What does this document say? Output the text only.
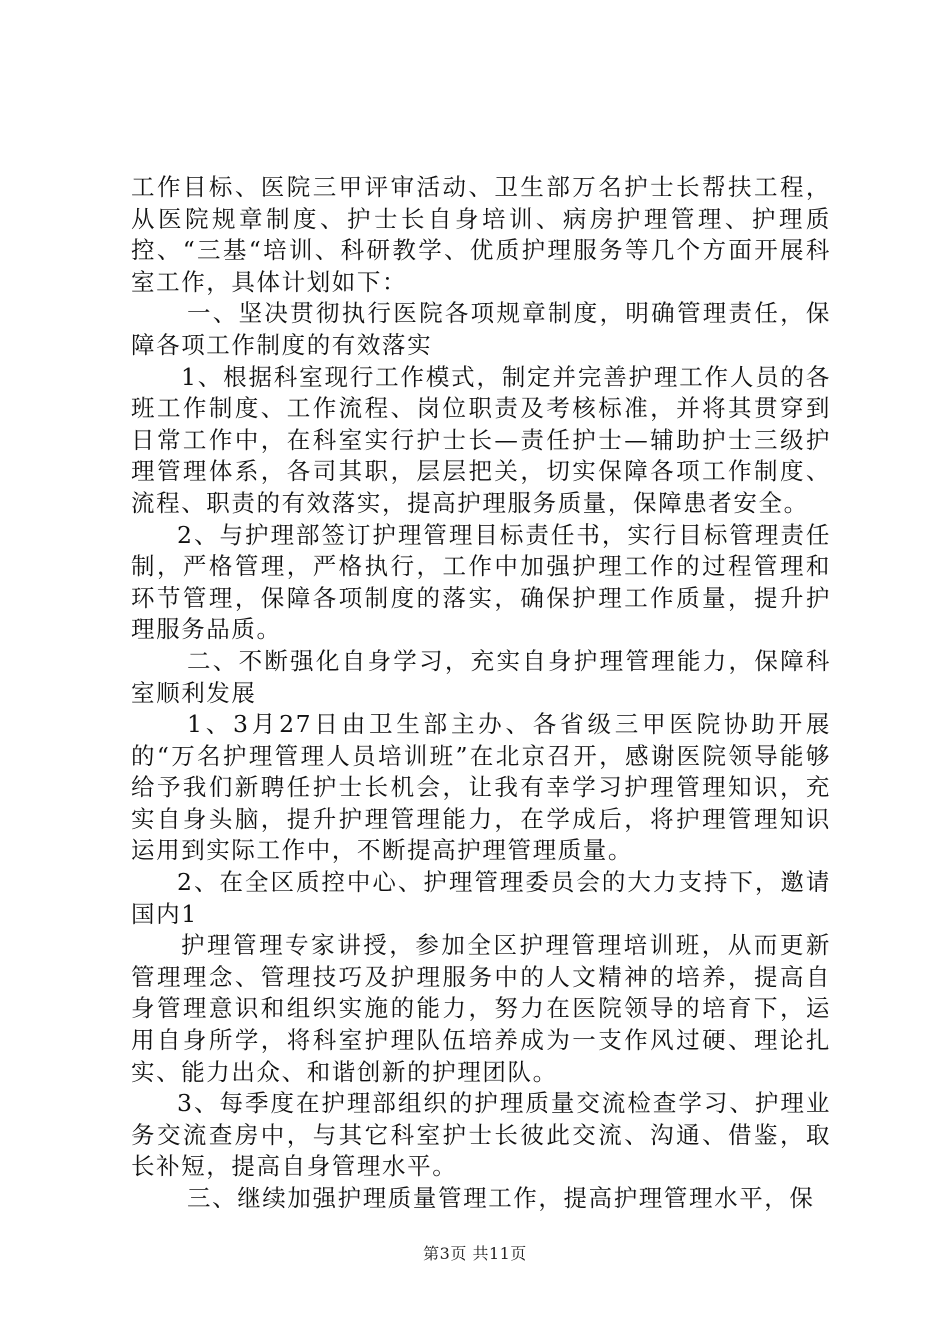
工作目标、医院三甲评审活动、卫生部万名护士长帮扶工程，从医院规章制度、护士长自身培训、病房护理管理、护理质控、“三基“培训、科研教学、优质护理服务等几个方面开展科室工作，具体计划如下：

一、坚决贯彻执行医院各项规章制度，明确管理责任，保障各项工作制度的有效落实

1、根据科室现行工作模式，制定并完善护理工作人员的各班工作制度、工作流程、岗位职责及考核标准，并将其贯穿到日常工作中，在科室实行护士长—责任护士—辅助护士三级护理管理体系，各司其职，层层把关，切实保障各项工作制度、流程、职责的有效落实，提高护理服务质量，保障患者安全。

2、与护理部签订护理管理目标责任书，实行目标管理责任制，严格管理，严格执行，工作中加强护理工作的过程管理和环节管理，保障各项制度的落实，确保护理工作质量，提升护理服务品质。

二、不断强化自身学习，充实自身护理管理能力，保障科室顺利发展

1、3月27日由卫生部主办、各省级三甲医院协助开展的“万名护理管理人员培训班”在北京召开，感谢医院领导能够给予我们新聘任护士长机会，让我有幸学习护理管理知识，充实自身头脑，提升护理管理能力，在学成后，将护理管理知识运用到实际工作中，不断提高护理管理质量。

2、在全区质控中心、护理管理委员会的大力支持下，邀请国内1

护理管理专家讲授，参加全区护理管理培训班，从而更新管理理念、管理技巧及护理服务中的人文精神的培养，提高自身管理意识和组织实施的能力，努力在医院领导的培育下，运用自身所学，将科室护理队伍培养成为一支作风过硬、理论扎实、能力出众、和谐创新的护理团队。

3、每季度在护理部组织的护理质量交流检查学习、护理业务交流查房中，与其它科室护士长彼此交流、沟通、借鉴，取长补短，提高自身管理水平。

三、继续加强护理质量管理工作，提高护理管理水平，保

第3页 共11页
